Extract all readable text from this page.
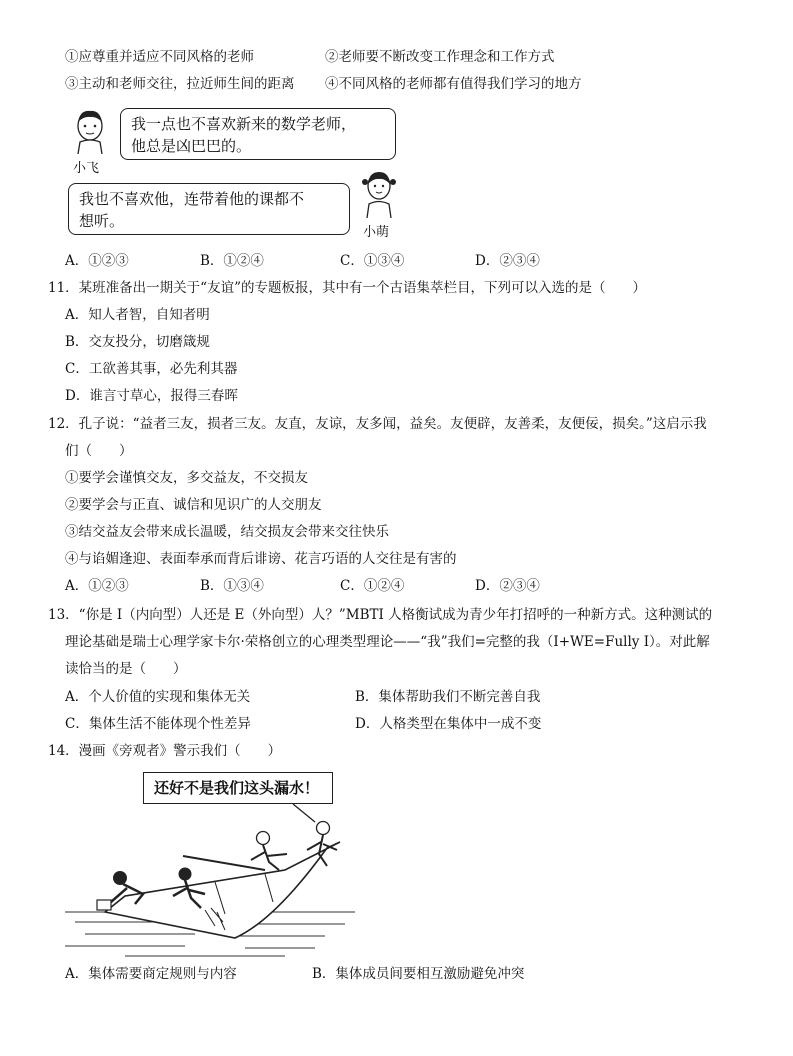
①应尊重并适应不同风格的老师	②老师要不断改变工作理念和工作方式
③主动和老师交往，拉近师生间的距离 ④不同风格的老师都有值得我们学习的地方
小飞
我一点也不喜欢新来的数学老师，
他总是凶巴巴的。
我也不喜欢他，连带着他的课都不
想听。
小萌
A．①②③	B．①②④	C．①③④	D．②③④
11．某班准备出一期关于“友谊”的专题板报，其中有一个古语集萃栏目，下列可以入选的是（　　）
A．知人者智，自知者明
B．交友投分，切磨箴规
C．工欲善其事，必先利其器
D．谁言寸草心，报得三春晖
12．孔子说：“益者三友，损者三友。友直，友谅，友多闻，益矣。友便辟，友善柔，友便佞，损矣。”这启示我
们（　　）
①要学会谨慎交友，多交益友，不交损友
②要学会与正直、诚信和见识广的人交朋友
③结交益友会带来成长温暖，结交损友会带来交往快乐
④与谄媚逢迎、表面奉承而背后诽谤、花言巧语的人交往是有害的
A．①②③	B．①③④	C．①②④	D．②③④
13．“你是 I（内向型）人还是 E（外向型）人？”MBTI 人格衡试成为青少年打招呼的一种新方式。这种测试的
理论基础是瑞士心理学家卡尔·荣格创立的心理类型理论——“我”我们=完整的我（I+WE=Fully I）。对此解
读恰当的是（　　）
A．个人价值的实现和集体无关	B．集体帮助我们不断完善自我
C．集体生活不能体现个性差异	D．人格类型在集体中一成不变
14．漫画《旁观者》警示我们（　　）
还好不是我们这头漏水！
A．集体需要商定规则与内容	B．集体成员间要相互激励避免冲突
